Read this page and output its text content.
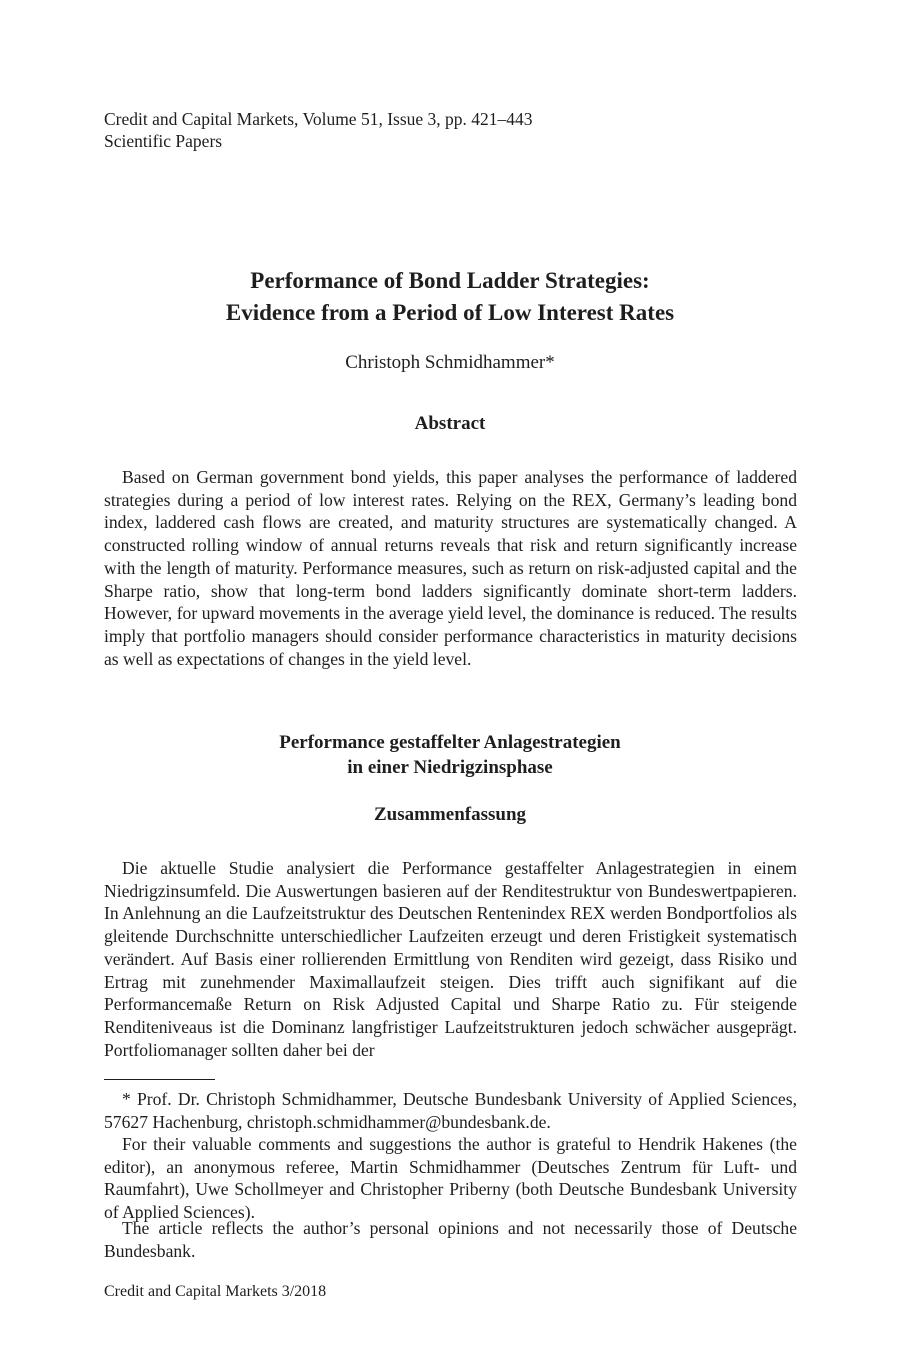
Credit and Capital Markets, Volume 51, Issue 3, pp. 421–443
Scientific Papers
Performance of Bond Ladder Strategies:
Evidence from a Period of Low Interest Rates
Christoph Schmidhammer*
Abstract
Based on German government bond yields, this paper analyses the performance of laddered strategies during a period of low interest rates. Relying on the REX, Germany’s leading bond index, laddered cash flows are created, and maturity structures are systematically changed. A constructed rolling window of annual returns reveals that risk and return significantly increase with the length of maturity. Performance measures, such as return on risk-adjusted capital and the Sharpe ratio, show that long-term bond ladders significantly dominate short-term ladders. However, for upward movements in the average yield level, the dominance is reduced. The results imply that portfolio managers should consider performance characteristics in maturity decisions as well as expectations of changes in the yield level.
Performance gestaffelter Anlagestrategien
in einer Niedrigzinsphase
Zusammenfassung
Die aktuelle Studie analysiert die Performance gestaffelter Anlagestrategien in einem Niedrigzinsumfeld. Die Auswertungen basieren auf der Renditestruktur von Bundeswertpapieren. In Anlehnung an die Laufzeitstruktur des Deutschen Rentenindex REX werden Bondportfolios als gleitende Durchschnitte unterschiedlicher Laufzeiten erzeugt und deren Fristigkeit systematisch verändert. Auf Basis einer rollierenden Ermittlung von Renditen wird gezeigt, dass Risiko und Ertrag mit zunehmender Maximallaufzeit steigen. Dies trifft auch signifikant auf die Performancemaße Return on Risk Adjusted Capital und Sharpe Ratio zu. Für steigende Renditeniveaus ist die Dominanz langfristiger Laufzeitstrukturen jedoch schwächer ausgeprägt. Portfoliomanager sollten daher bei der
* Prof. Dr. Christoph Schmidhammer, Deutsche Bundesbank University of Applied Sciences, 57627 Hachenburg, christoph.schmidhammer@bundesbank.de.
For their valuable comments and suggestions the author is grateful to Hendrik Hakenes (the editor), an anonymous referee, Martin Schmidhammer (Deutsches Zentrum für Luft- und Raumfahrt), Uwe Schollmeyer and Christopher Priberny (both Deutsche Bundesbank University of Applied Sciences).
The article reflects the author’s personal opinions and not necessarily those of Deutsche Bundesbank.
Credit and Capital Markets 3/2018
